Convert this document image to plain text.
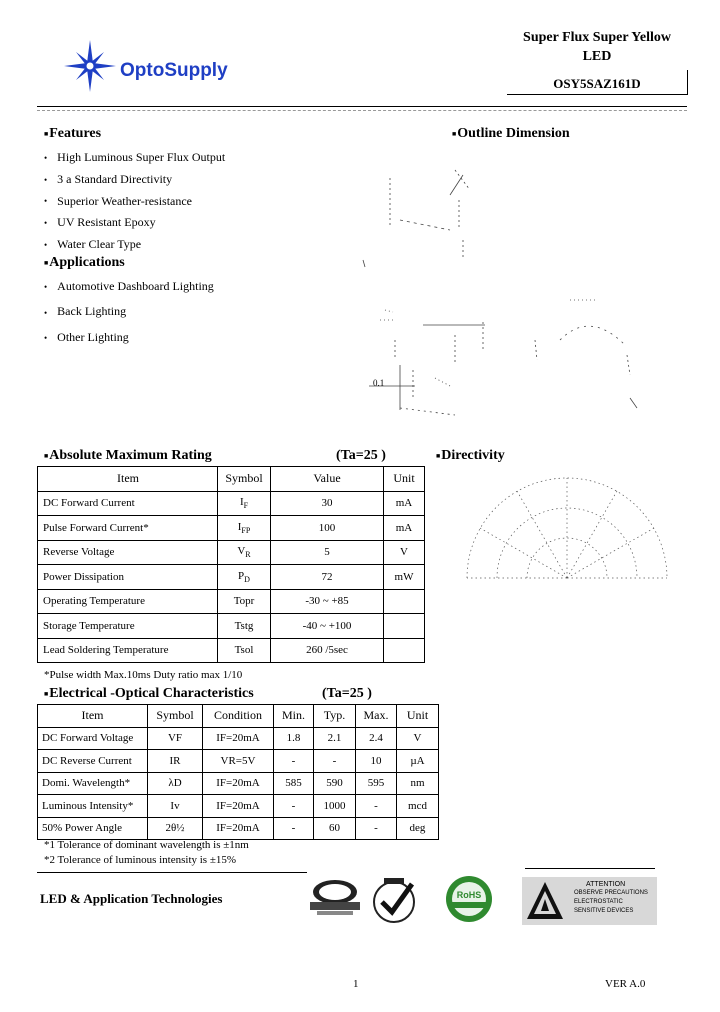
OptoSupply
Super Flux Super Yellow
LED
OSY5SAZ161D
■ Features
• High Luminous Super Flux Output
• 3 a Standard Directivity
• Superior Weather-resistance
• UV Resistant Epoxy
• Water Clear Type
■ Applications
• Automotive Dashboard Lighting
• Back Lighting
• Other Lighting
■ Outline Dimension
0.1
■ Absolute Maximum Rating	(Ta=25 )
Item	Symbol	Value	Unit
DC Forward Current	$I_F$	30	mA
Pulse Forward Current*	$I_{FP}$	100	mA
Reverse Voltage	$V_R$	5	V
Power Dissipation	$P_D$	72	mW
Operating Temperature	Topr	-30 ~ +85	
Storage Temperature	Tstg	-40 ~ +100	
Lead Soldering Temperature	Tsol	260 /5sec	
*Pulse width Max.10ms Duty ratio max 1/10
■ Directivity
■ Electrical -Optical Characteristics	(Ta=25 )
Item	Symbol	Condition	Min.	Typ.	Max.	Unit
DC Forward Voltage	VF	IF=20mA	1.8	2.1	2.4	V
DC Reverse Current	IR	VR=5V	-	-	10	µA
Domi. Wavelength*	λD	IF=20mA	585	590	595	nm
Luminous Intensity*	Iv	IF=20mA	-	1000	-	mcd
50% Power Angle	2θ½	IF=20mA	-	60	-	deg
*1 Tolerance of dominant wavelength is ±1nm
*2 Tolerance of luminous intensity is ±15%
LED & Application Technologies	RoHS
ATTENTION
OBSERVE PRECAUTIONS
ELECTROSTATIC
SENSITIVE DEVICES
1	VER A.0
